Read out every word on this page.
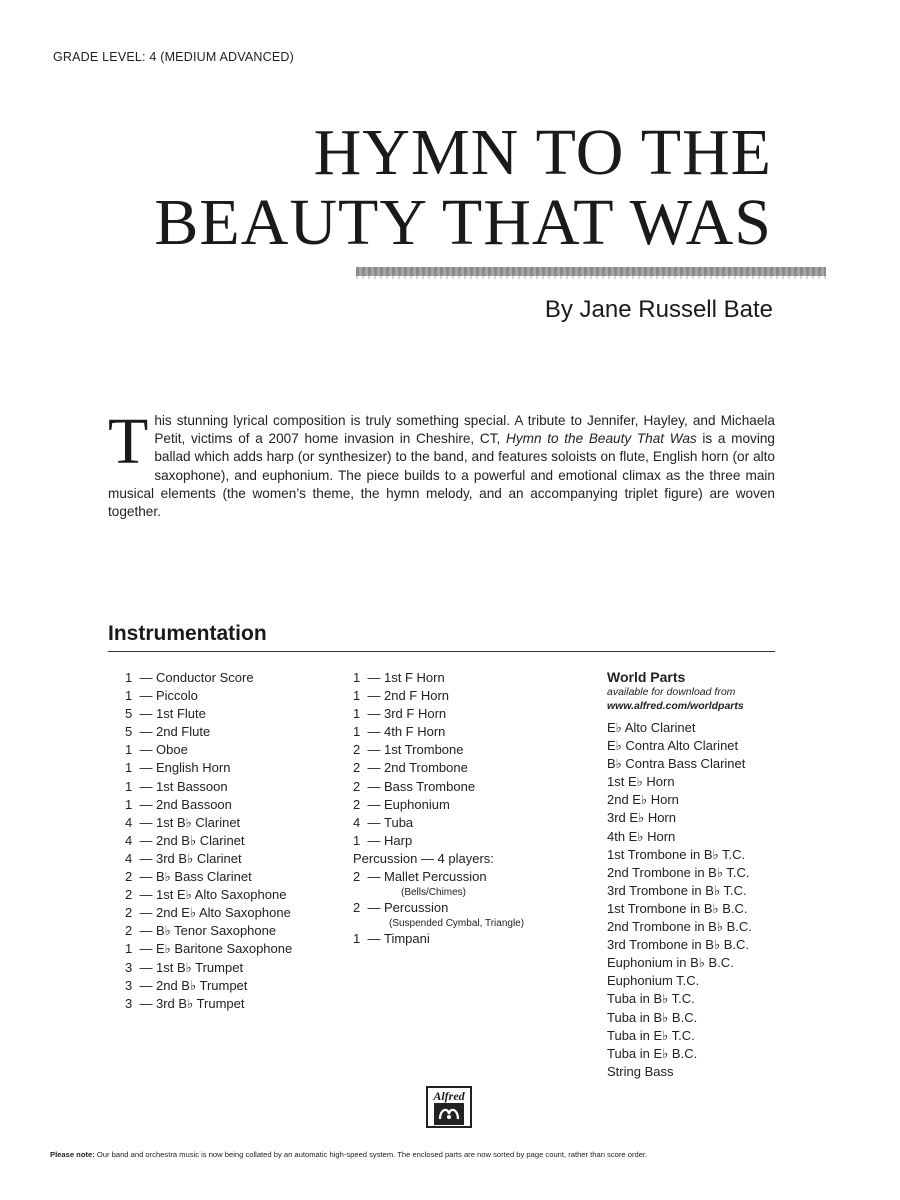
GRADE LEVEL: 4 (MEDIUM ADVANCED)
HYMN TO THE
BEAUTY THAT WAS
By Jane Russell Bate
This stunning lyrical composition is truly something special. A tribute to Jennifer, Hayley, and Michaela Petit, victims of a 2007 home invasion in Cheshire, CT, Hymn to the Beauty That Was is a moving ballad which adds harp (or synthesizer) to the band, and features soloists on flute, English horn (or alto saxophone), and euphonium. The piece builds to a powerful and emotional climax as the three main musical elements (the women’s theme, the hymn melody, and an accompanying triplet figure) are woven together.
Instrumentation
1 — Conductor Score
1 — Piccolo
5 — 1st Flute
5 — 2nd Flute
1 — Oboe
1 — English Horn
1 — 1st Bassoon
1 — 2nd Bassoon
4 — 1st B♭ Clarinet
4 — 2nd B♭ Clarinet
4 — 3rd B♭ Clarinet
2 — B♭ Bass Clarinet
2 — 1st E♭ Alto Saxophone
2 — 2nd E♭ Alto Saxophone
2 — B♭ Tenor Saxophone
1 — E♭ Baritone Saxophone
3 — 1st B♭ Trumpet
3 — 2nd B♭ Trumpet
3 — 3rd B♭ Trumpet
1 — 1st F Horn
1 — 2nd F Horn
1 — 3rd F Horn
1 — 4th F Horn
2 — 1st Trombone
2 — 2nd Trombone
2 — Bass Trombone
2 — Euphonium
4 — Tuba
1 — Harp
Percussion — 4 players:
2 — Mallet Percussion
(Bells/Chimes)
2 — Percussion
(Suspended Cymbal, Triangle)
1 — Timpani
World Parts
available for download from
www.alfred.com/worldparts
E♭ Alto Clarinet
E♭ Contra Alto Clarinet
B♭ Contra Bass Clarinet
1st E♭ Horn
2nd E♭ Horn
3rd E♭ Horn
4th E♭ Horn
1st Trombone in B♭ T.C.
2nd Trombone in B♭ T.C.
3rd Trombone in B♭ T.C.
1st Trombone in B♭ B.C.
2nd Trombone in B♭ B.C.
3rd Trombone in B♭ B.C.
Euphonium in B♭ B.C.
Euphonium T.C.
Tuba in B♭ T.C.
Tuba in B♭ B.C.
Tuba in E♭ T.C.
Tuba in E♭ B.C.
String Bass
Alfred
Please note: Our band and orchestra music is now being collated by an automatic high-speed system. The enclosed parts are now sorted by page count, rather than score order.
